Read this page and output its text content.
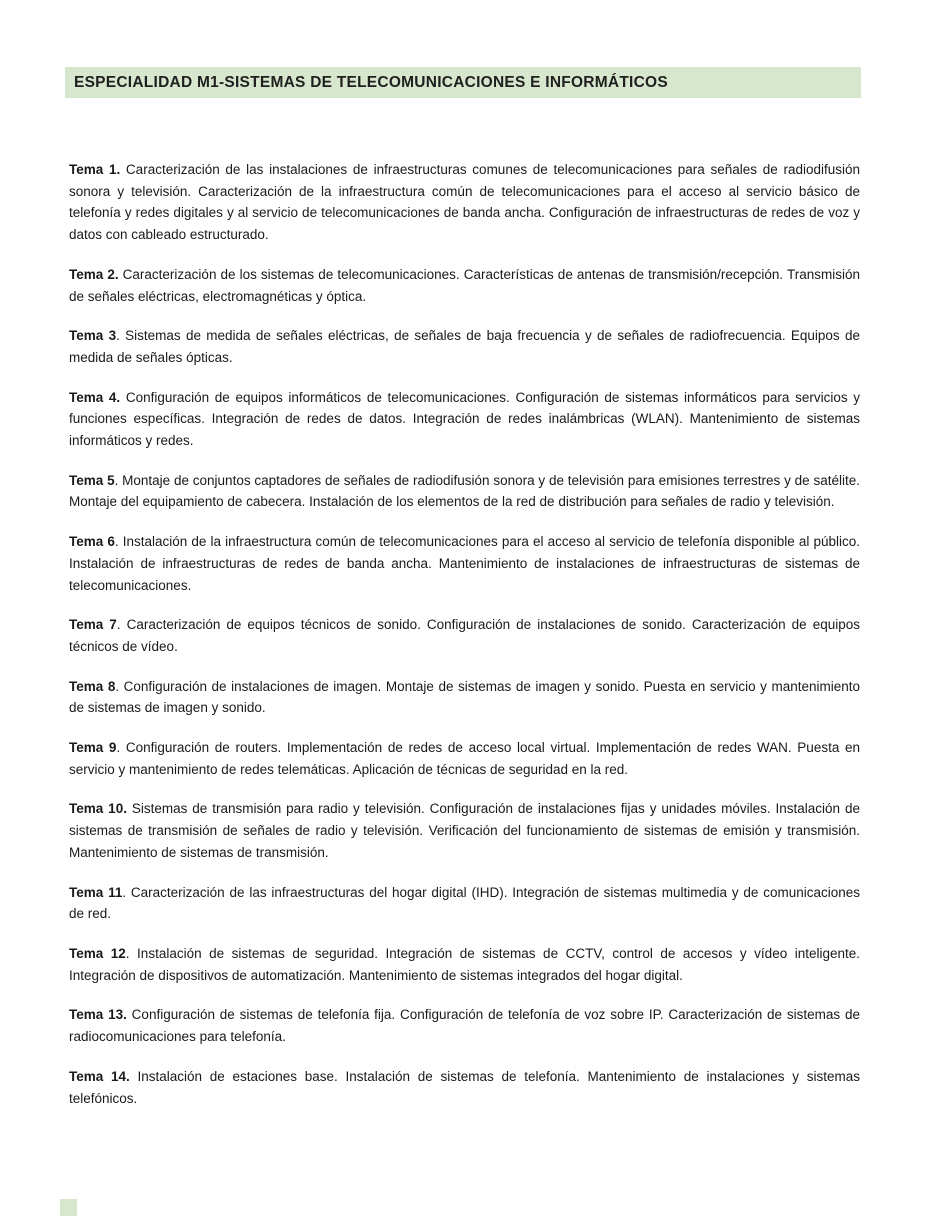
ESPECIALIDAD M1-SISTEMAS DE TELECOMUNICACIONES E INFORMÁTICOS

Tema 1. Caracterización de las instalaciones de infraestructuras comunes de telecomunicaciones para señales de radiodifusión sonora y televisión. Caracterización de la infraestructura común de telecomunicaciones para el acceso al servicio básico de telefonía y redes digitales y al servicio de telecomunicaciones de banda ancha. Configuración de infraestructuras de redes de voz y datos con cableado estructurado.

Tema 2. Caracterización de los sistemas de telecomunicaciones. Características de antenas de transmisión/recepción. Transmisión de señales eléctricas, electromagnéticas y óptica.

Tema 3. Sistemas de medida de señales eléctricas, de señales de baja frecuencia y de señales de radiofrecuencia. Equipos de medida de señales ópticas.

Tema 4. Configuración de equipos informáticos de telecomunicaciones. Configuración de sistemas informáticos para servicios y funciones específicas. Integración de redes de datos. Integración de redes inalámbricas (WLAN). Mantenimiento de sistemas informáticos y redes.

Tema 5. Montaje de conjuntos captadores de señales de radiodifusión sonora y de televisión para emisiones terrestres y de satélite. Montaje del equipamiento de cabecera. Instalación de los elementos de la red de distribución para señales de radio y televisión.

Tema 6. Instalación de la infraestructura común de telecomunicaciones para el acceso al servicio de telefonía disponible al público. Instalación de infraestructuras de redes de banda ancha. Mantenimiento de instalaciones de infraestructuras de sistemas de telecomunicaciones.

Tema 7. Caracterización de equipos técnicos de sonido. Configuración de instalaciones de sonido. Caracterización de equipos técnicos de vídeo.

Tema 8. Configuración de instalaciones de imagen. Montaje de sistemas de imagen y sonido. Puesta en servicio y mantenimiento de sistemas de imagen y sonido.

Tema 9. Configuración de routers. Implementación de redes de acceso local virtual. Implementación de redes WAN. Puesta en servicio y mantenimiento de redes telemáticas. Aplicación de técnicas de seguridad en la red.

Tema 10. Sistemas de transmisión para radio y televisión. Configuración de instalaciones fijas y unidades móviles. Instalación de sistemas de transmisión de señales de radio y televisión. Verificación del funcionamiento de sistemas de emisión y transmisión. Mantenimiento de sistemas de transmisión.

Tema 11. Caracterización de las infraestructuras del hogar digital (IHD). Integración de sistemas multimedia y de comunicaciones de red.

Tema 12. Instalación de sistemas de seguridad. Integración de sistemas de CCTV, control de accesos y vídeo inteligente. Integración de dispositivos de automatización. Mantenimiento de sistemas integrados del hogar digital.

Tema 13. Configuración de sistemas de telefonía fija. Configuración de telefonía de voz sobre IP. Caracterización de sistemas de radiocomunicaciones para telefonía.

Tema 14. Instalación de estaciones base. Instalación de sistemas de telefonía. Mantenimiento de instalaciones y sistemas telefónicos.
